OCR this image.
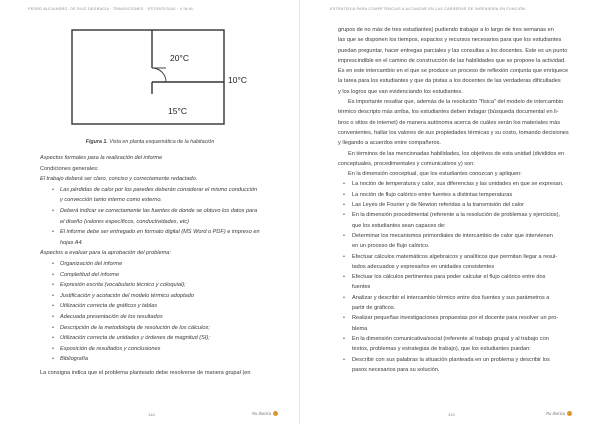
PEDRO ALEJANDRO, DE RUIZ DEGRACIA · TRANSICIONES · ESTRATEGIAS · 4 IN AL	ESTRATEGIA PARA COMPETENCIAS A ALCANZAR EN LAS CARRERAS DE INGENIERÍA EN FUNCIÓN
20°C
10°C
15°C
Figura 1. Vista en planta esquemática de la habitación
Aspectos formales para la realización del informe
Condiciones generales:
El trabajo deberá ser claro, conciso y correctamente redactado.
• Las pérdidas de calor por los paredes deberán considerar el mismo conducción
y convección tanto interno como externo.
• Deberá indicar se correctamente las fuentes de donde se obtuvo los datos para
el diseño (valores específicos, conductividades, etc)
• El informe debe ser entregado en formato digital (MS Word o PDF) e impreso en
hojas A4.
Aspectos a evaluar para la aprobación del problema:
• Organización del informe
• Completitud del informe
• Expresión escrita (vocabulario técnico y coloquial);
• Justificación y acotación del modelo térmico adoptado
• Utilización correcta de gráficos y tablas
• Adecuada presentación de los resultados
• Descripción de la metodología de resolución de los cálculos;
• Utilización correcta de unidades y órdenes de magnitud (SI);
• Exposición de resultados y conclusiones
• Bibliografía
La consigna indica que el problema planteado debe resolverse de manera grupal (en
grupos de no más de tres estudiantes) pudiendo trabajar a lo largo de tres semanas en
las que se disponen los tiempos, espacios y recursos necesarios para que los estudiantes
puedan preguntar, hacer entregas parciales y las consultas a los docentes. Este es un punto
imprescindible en el camino de construcción de las habilidades que se propone la actividad.
Es en este intercambio en el que se produce un proceso de reflexión conjunta que enriquece
la tarea para los estudiantes y que da pistas a los docentes de las verdaderas dificultades
y los logros que van evidenciando los estudiantes.
Es importante resaltar que, además de la resolución "física" del modelo de intercambio
térmico descripto más arriba, los estudiantes deben indagar (búsqueda documental en li-
bros o sitios de internet) de manera autónoma acerca de cuáles serán los materiales más
convenientes, hallar los valores de sus propiedades térmicas y su costo, tomando decisiones
y llegando a acuerdos entre compañeros.
En términos de las mencionadas habilidades, los objetivos de esta unidad (divididos en
conceptuales, procedimentales y comunicativos y) son:
En la dimensión conceptual, que los estudiantes conozcan y apliquen:
• La noción de temperatura y calor, sus diferencias y las unidades en que se expresan.
• La noción de flujo calórico entre fuentes a distintas temperaturas
• Las Leyes de Fourier y de Newton referidas a la transmisión del calor
• En la dimensión procedimental (referente a la resolución de problemas y ejercicios),
que los estudiantes sean capaces de:
• Determinar los mecanismos primordiales de intercambio de calor que intervienen
en un proceso de flujo calórico.
• Efectuar cálculos matemáticos algebraicos y analíticos que permitan llegar a resul-
tados adecuados y expresarlos en unidades consistentes
• Efectuar los cálculos pertinentes para poder calcular el flujo calórico entre dos
fuentes
• Analizar y describir el intercambio térmico entre dos fuentes y sus parámetros a
partir de gráficos.
• Realizar pequeñas investigaciones propuestas por el docente para resolver un pro-
blema
• En la dimensión comunicativa/social (referente al trabajo grupal y al trabajo con
textos, problemas y estrategias de trabajo), que los estudiantes puedan:
• Describir con sus palabras la situación planteada en un problema y describir los
pasos necesarios para su solución.
148	Ru Iberica	315	Ru Iberica
